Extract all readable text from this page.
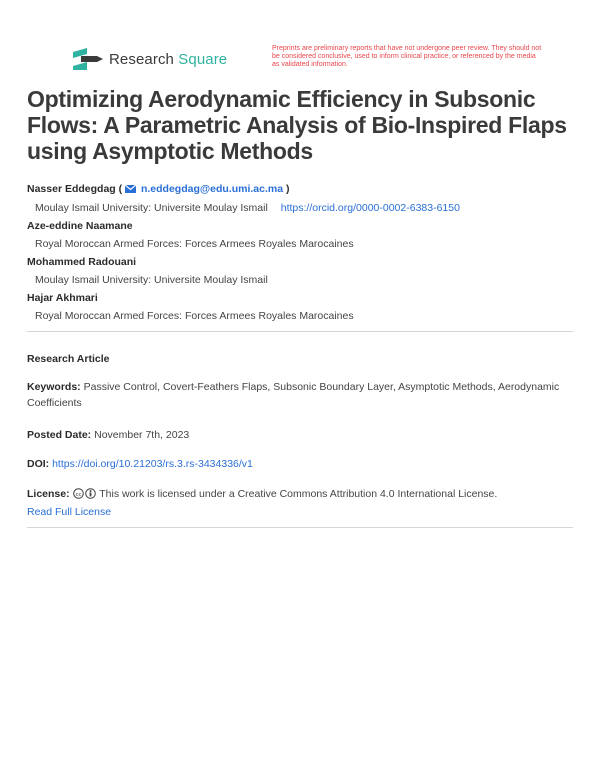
Research Square
Preprints are preliminary reports that have not undergone peer review. They should not be considered conclusive, used to inform clinical practice, or referenced by the media as validated information.
Optimizing Aerodynamic Efficiency in Subsonic Flows: A Parametric Analysis of Bio-Inspired Flaps using Asymptotic Methods
Nasser Eddegdag (  n.eddegdag@edu.umi.ac.ma )
Moulay Ismail University: Universite Moulay Ismail https://orcid.org/0000-0002-6383-6150
Aze-eddine Naamane
Royal Moroccan Armed Forces: Forces Armees Royales Marocaines
Mohammed Radouani
Moulay Ismail University: Universite Moulay Ismail
Hajar Akhmari
Royal Moroccan Armed Forces: Forces Armees Royales Marocaines
Research Article
Keywords: Passive Control, Covert-Feathers Flaps, Subsonic Boundary Layer, Asymptotic Methods, Aerodynamic Coefficients
Posted Date: November 7th, 2023
DOI: https://doi.org/10.21203/rs.3.rs-3434336/v1
License: cc This work is licensed under a Creative Commons Attribution 4.0 International License.
Read Full License
